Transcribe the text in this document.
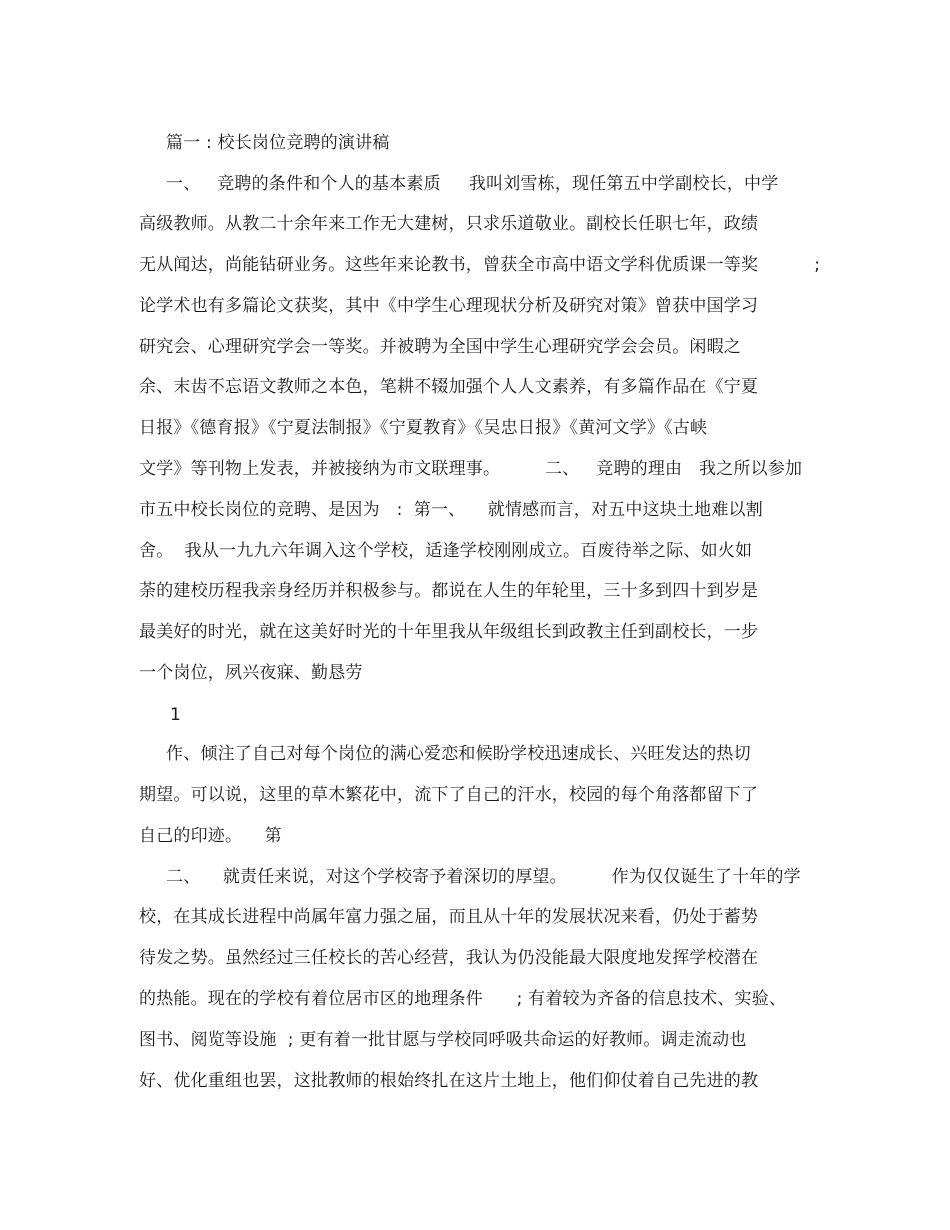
篇一 : 校长岗位竞聘的演讲稿
一、   竞聘的条件和个人的基本素质     我叫刘雪栋，现任第五中学副校长，中学
高级教师。从教二十余年来工作无大建树，只求乐道敬业。副校长任职七年，政绩
无从闻达，尚能钻研业务。这些年来论教书，曾获全市高中语文学科优质课一等奖          ;
论学术也有多篇论文获奖，其中《中学生心理现状分析及研究对策》曾获中国学习
研究会、心理研究学会一等奖。并被聘为全国中学生心理研究学会会员。闲暇之
余、末齿不忘语文教师之本色，笔耕不辍加强个人人文素养，有多篇作品在《宁夏
日报》《德育报》《宁夏法制报》《宁夏教育》《吴忠日报》《黄河文学》《古峡
文学》等刊物上发表，并被接纳为市文联理事。        二、   竞聘的理由   我之所以参加
市五中校长岗位的竞聘、是因为   :  第一、    就情感而言，对五中这块土地难以割
舍。  我从一九九六年调入这个学校，适逢学校刚刚成立。百废待举之际、如火如
荼的建校历程我亲身经历并积极参与。都说在人生的年轮里，三十多到四十到岁是
最美好的时光，就在这美好时光的十年里我从年级组长到政教主任到副校长，一步
一个岗位，夙兴夜寐、勤恳劳
1
作、倾注了自己对每个岗位的满心爱恋和候盼学校迅速成长、兴旺发达的热切
期望。可以说，这里的草木繁花中，流下了自己的汗水，校园的每个角落都留下了
自己的印迹。    第
二、    就责任来说，对这个学校寄予着深切的厚望。        作为仅仅诞生了十年的学
校，在其成长进程中尚属年富力强之届，而且从十年的发展状况来看，仍处于蓄势
待发之势。虽然经过三任校长的苦心经营，我认为仍没能最大限度地发挥学校潜在
的热能。现在的学校有着位居市区的地理条件      ; 有着较为齐备的信息技术、实验、
图书、阅览等设施  ; 更有着一批甘愿与学校同呼吸共命运的好教师。调走流动也
好、优化重组也罢，这批教师的根始终扎在这片土地上，他们仰仗着自己先进的教
